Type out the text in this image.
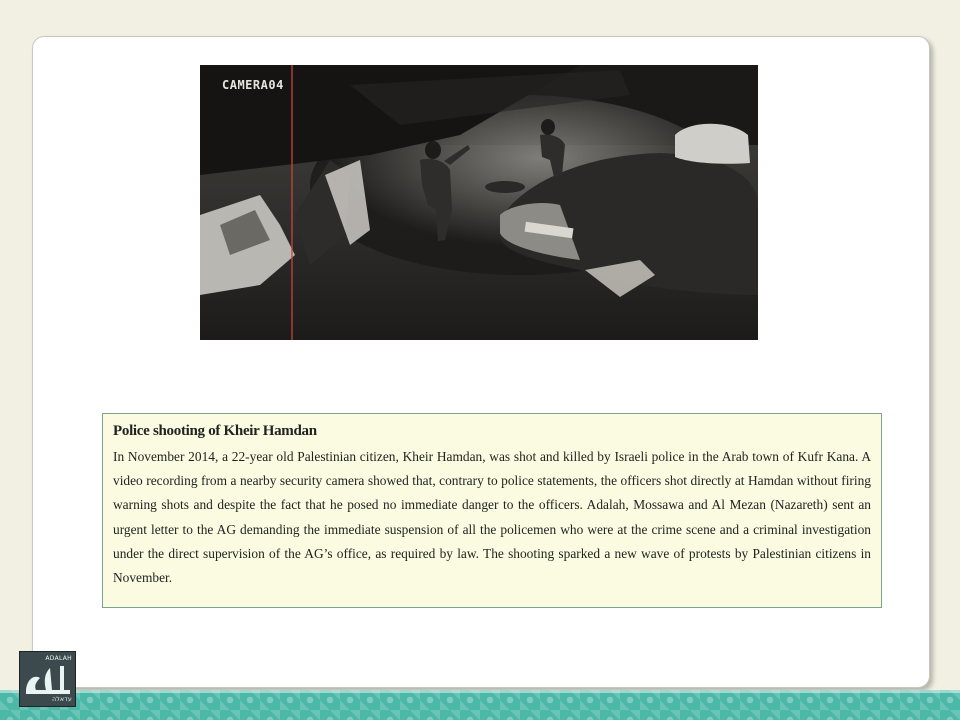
CAMERA04
Police shooting of Kheir Hamdan

In November 2014, a 22-year old Palestinian citizen, Kheir Hamdan, was shot and killed by Israeli police in the Arab town of Kufr Kana. A video recording from a nearby security camera showed that, contrary to police statements, the officers shot directly at Hamdan without firing warning shots and despite the fact that he posed no immediate danger to the officers. Adalah, Mossawa and Al Mezan (Nazareth) sent an urgent letter to the AG demanding the immediate suspension of all the policemen who were at the crime scene and a criminal investigation under the direct supervision of the AG’s office, as required by law. The shooting sparked a new wave of protests by Palestinian citizens in November.

ADALAH
עדאלה
